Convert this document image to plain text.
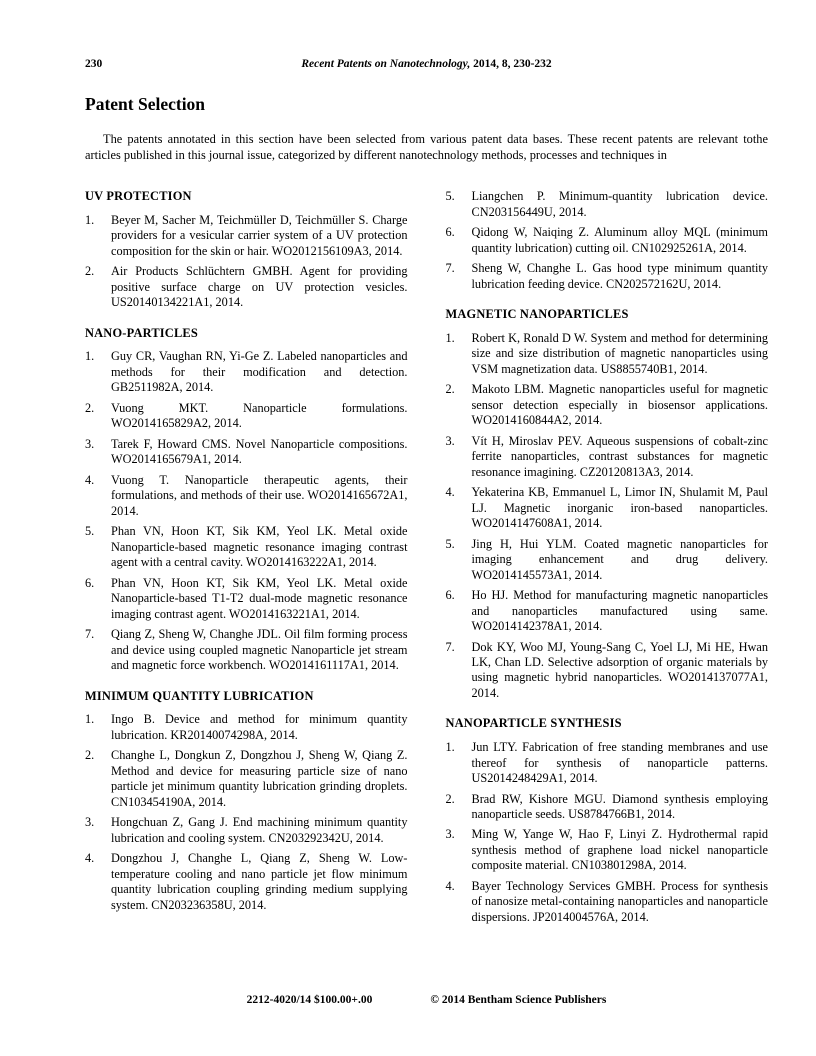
230	Recent Patents on Nanotechnology, 2014, 8, 230-232
Patent Selection

The patents annotated in this section have been selected from various patent data bases. These recent patents are relevant tothe articles published in this journal issue, categorized by different nanotechnology methods, processes and techniques in

UV PROTECTION
1.	Beyer M, Sacher M, Teichmüller D, Teichmüller S. Charge providers for a vesicular carrier system of a UV protection composition for the skin or hair. WO2012156109A3, 2014.
2.	Air Products Schlüchtern GMBH. Agent for providing positive surface charge on UV protection vesicles. US20140134221A1, 2014.
NANO-PARTICLES
1.	Guy CR, Vaughan RN, Yi-Ge Z. Labeled nanoparticles and methods for their modification and detection. GB2511982A, 2014.
2.	Vuong MKT. Nanoparticle formulations. WO2014165829A2, 2014.
3.	Tarek F, Howard CMS. Novel Nanoparticle compositions. WO2014165679A1, 2014.
4.	Vuong T. Nanoparticle therapeutic agents, their formulations, and methods of their use. WO2014165672A1, 2014.
5.	Phan VN, Hoon KT, Sik KM, Yeol LK. Metal oxide Nanoparticle-based magnetic resonance imaging contrast agent with a central cavity. WO2014163222A1, 2014.
6.	Phan VN, Hoon KT, Sik KM, Yeol LK. Metal oxide Nanoparticle-based T1-T2 dual-mode magnetic resonance imaging contrast agent. WO2014163221A1, 2014.
7.	Qiang Z, Sheng W, Changhe JDL. Oil film forming process and device using coupled magnetic Nanoparticle jet stream and magnetic force workbench. WO2014161117A1, 2014.
MINIMUM QUANTITY LUBRICATION
1.	Ingo B. Device and method for minimum quantity lubrication. KR20140074298A, 2014.
2.	Changhe L, Dongkun Z, Dongzhou J, Sheng W, Qiang Z. Method and device for measuring particle size of nano particle jet minimum quantity lubrication grinding droplets. CN103454190A, 2014.
3.	Hongchuan Z, Gang J. End machining minimum quantity lubrication and cooling system. CN203292342U, 2014.
4.	Dongzhou J, Changhe L, Qiang Z, Sheng W. Low-temperature cooling and nano particle jet flow minimum quantity lubrication coupling grinding medium supplying system. CN203236358U, 2014.
5.	Liangchen P. Minimum-quantity lubrication device. CN203156449U, 2014.
6.	Qidong W, Naiqing Z. Aluminum alloy MQL (minimum quantity lubrication) cutting oil. CN102925261A, 2014.
7.	Sheng W, Changhe L. Gas hood type minimum quantity lubrication feeding device. CN202572162U, 2014.
MAGNETIC NANOPARTICLES
1.	Robert K, Ronald D W. System and method for determining size and size distribution of magnetic nanoparticles using VSM magnetization data. US8855740B1, 2014.
2.	Makoto LBM. Magnetic nanoparticles useful for magnetic sensor detection especially in biosensor applications. WO2014160844A2, 2014.
3.	Vít H, Miroslav PEV. Aqueous suspensions of cobalt-zinc ferrite nanoparticles, contrast substances for magnetic resonance imagining. CZ20120813A3, 2014.
4.	Yekaterina KB, Emmanuel L, Limor IN, Shulamit M, Paul LJ. Magnetic inorganic iron-based nanoparticles. WO2014147608A1, 2014.
5.	Jing H, Hui YLM. Coated magnetic nanoparticles for imaging enhancement and drug delivery. WO2014145573A1, 2014.
6.	Ho HJ. Method for manufacturing magnetic nanoparticles and nanoparticles manufactured using same. WO2014142378A1, 2014.
7.	Dok KY, Woo MJ, Young-Sang C, Yoel LJ, Mi HE, Hwan LK, Chan LD. Selective adsorption of organic materials by using magnetic hybrid nanoparticles. WO2014137077A1, 2014.
NANOPARTICLE SYNTHESIS
1.	Jun LTY. Fabrication of free standing membranes and use thereof for synthesis of nanoparticle patterns. US2014248429A1, 2014.
2.	Brad RW, Kishore MGU. Diamond synthesis employing nanoparticle seeds. US8784766B1, 2014.
3.	Ming W, Yange W, Hao F, Linyi Z. Hydrothermal rapid synthesis method of graphene load nickel nanoparticle composite material. CN103801298A, 2014.
4.	Bayer Technology Services GMBH. Process for synthesis of nanosize metal-containing nanoparticles and nanoparticle dispersions. JP2014004576A, 2014.
2212-4020/14 $100.00+.00	© 2014 Bentham Science Publishers
